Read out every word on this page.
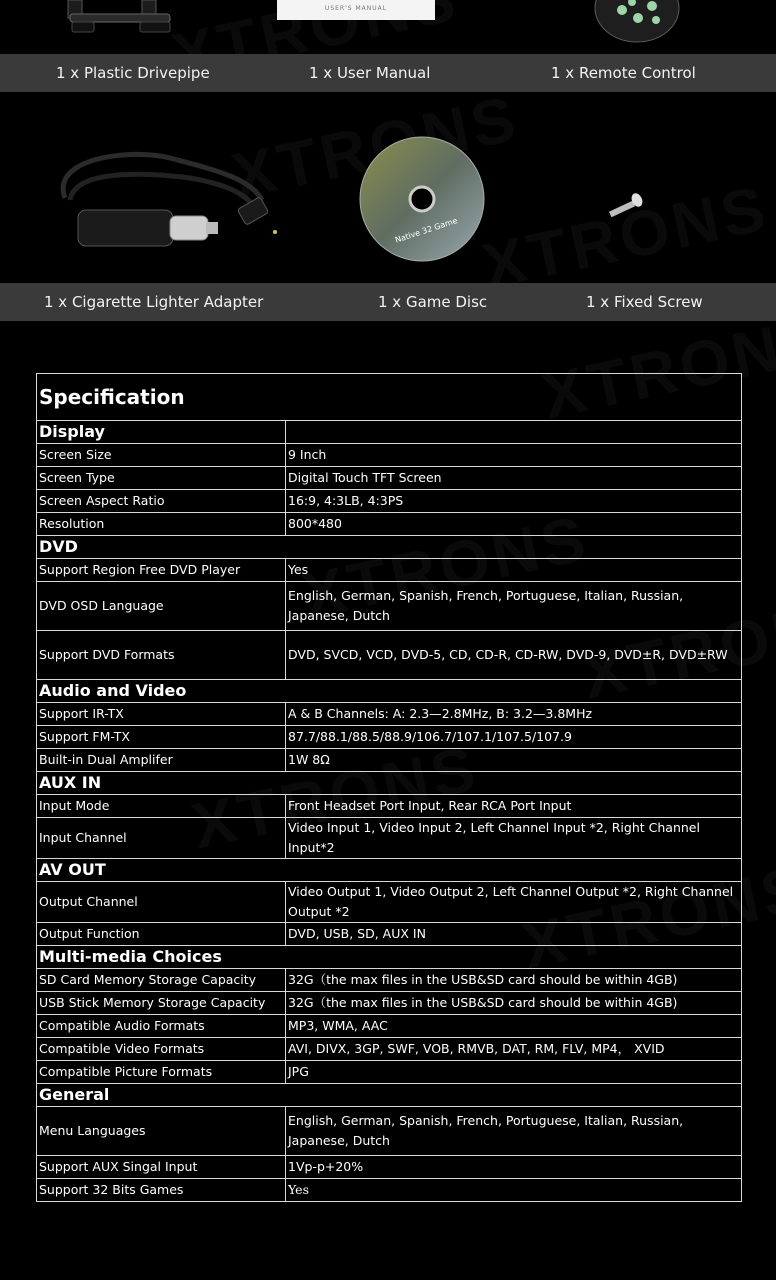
USER'S MANUAL
1 x Plastic Drivepipe	1 x User Manual	1 x Remote Control
Native 32 Game
1 x Cigarette Lighter Adapter	1 x Game Disc	1 x Fixed Screw
Specification	
Display	
Screen Size	9 Inch
Screen Type	Digital Touch TFT Screen
Screen Aspect Ratio	16:9, 4:3LB, 4:3PS
Resolution	800*480
DVD	
Support Region Free DVD Player	Yes
DVD OSD Language	English, German, Spanish, French, Portuguese, Italian, Russian, Japanese, Dutch
Support DVD Formats	DVD, SVCD, VCD, DVD-5, CD, CD-R, CD-RW, DVD-9, DVD±R, DVD±RW
Audio and Video	
Support IR-TX	A & B Channels: A: 2.3—2.8MHz, B: 3.2—3.8MHz
Support FM-TX	87.7/88.1/88.5/88.9/106.7/107.1/107.5/107.9
Built-in Dual Amplifer	1W 8Ω
AUX IN	
Input Mode	Front Headset Port Input, Rear RCA Port Input
Input Channel	Video Input 1, Video Input 2, Left Channel Input *2, Right Channel Input*2
AV OUT	
Output Channel	Video Output 1, Video Output 2, Left Channel Output *2, Right Channel Output *2
Output Function	DVD, USB, SD, AUX IN
Multi-media Choices	
SD Card Memory Storage Capacity	32G（the max files in the USB&SD card should be within 4GB)
USB Stick Memory Storage Capacity	32G（the max files in the USB&SD card should be within 4GB)
Compatible Audio Formats	MP3, WMA, AAC
Compatible Video Formats	AVI, DIVX, 3GP, SWF, VOB, RMVB, DAT, RM, FLV, MP4， XVID
Compatible Picture Formats	JPG
General	
Menu Languages	English, German, Spanish, French, Portuguese, Italian, Russian, Japanese, Dutch
Support AUX Singal Input	1Vp-p+20%
Support 32 Bits Games	Yes
